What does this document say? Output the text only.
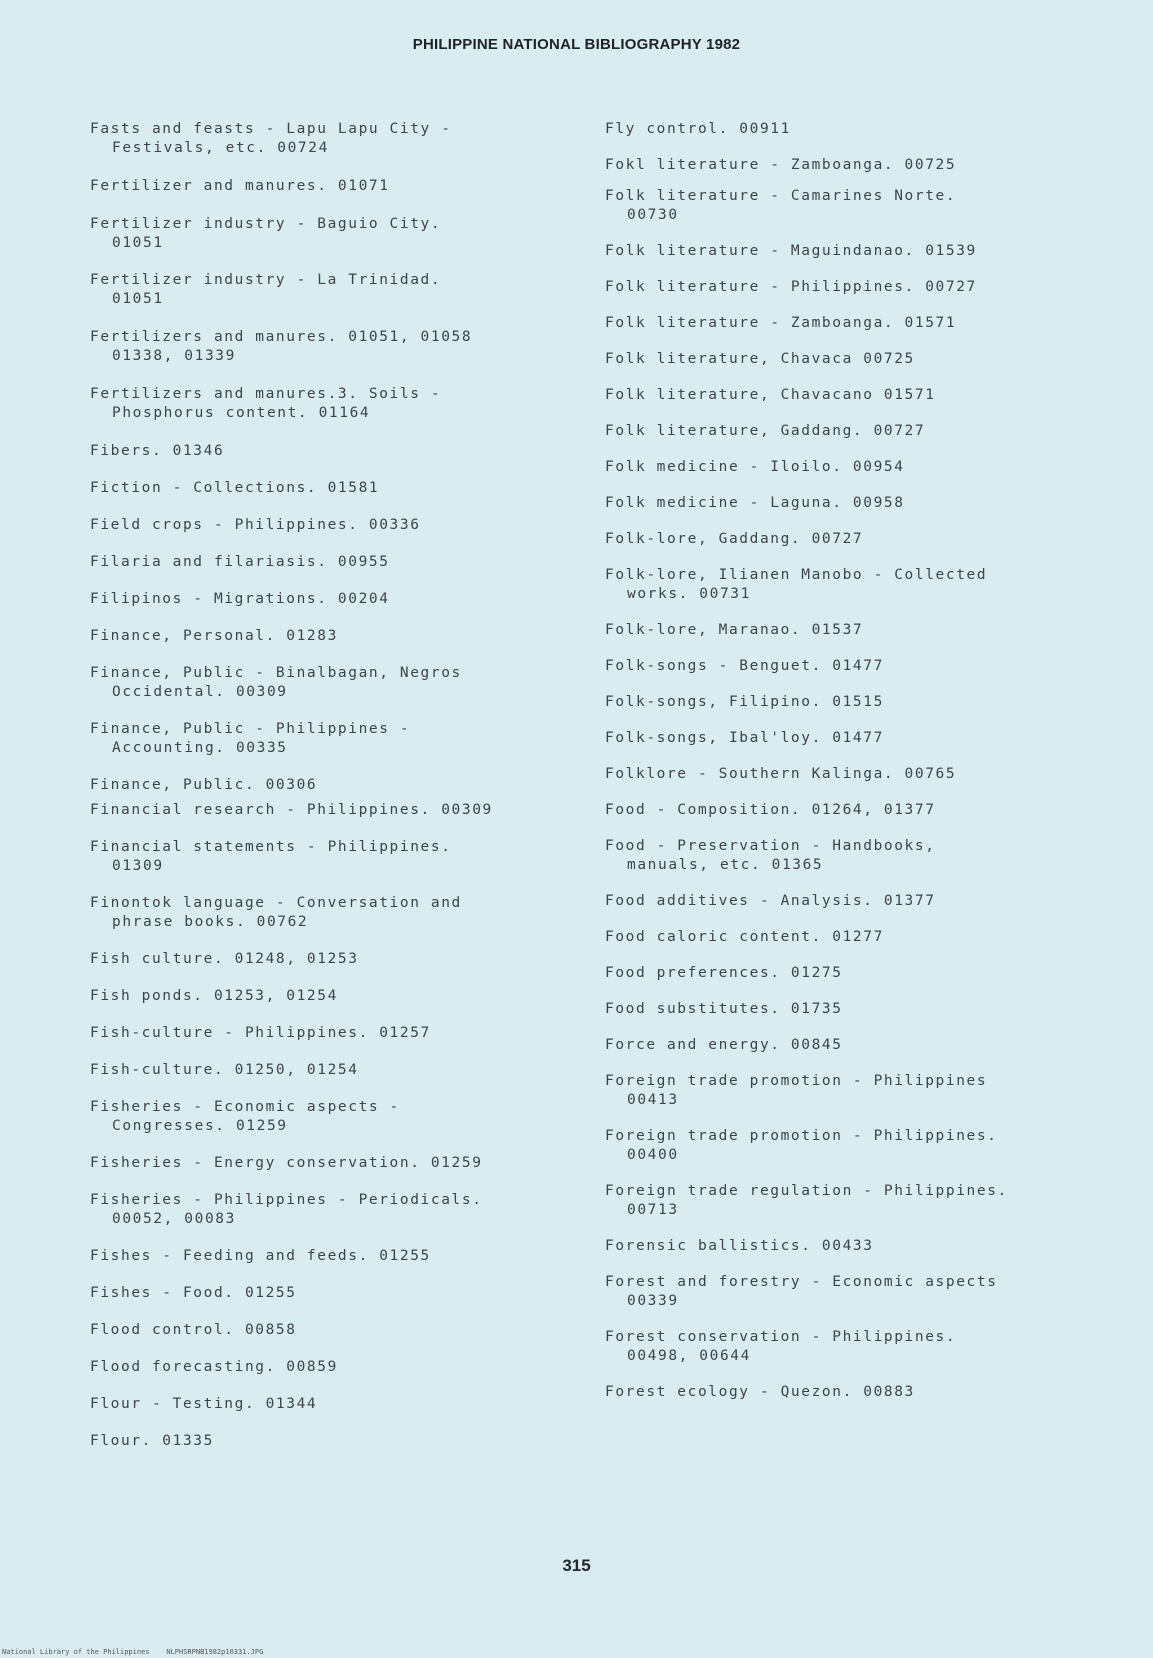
PHILIPPINE NATIONAL BIBLIOGRAPHY 1982
Fasts and feasts - Lapu Lapu City -
Festivals, etc. 00724
Fertilizer and manures. 01071
Fertilizer industry - Baguio City.
01051
Fertilizer industry - La Trinidad.
01051
Fertilizers and manures. 01051, 01058
01338, 01339
Fertilizers and manures.3. Soils -
Phosphorus content. 01164
Fibers. 01346
Fiction - Collections. 01581
Field crops - Philippines. 00336
Filaria and filariasis. 00955
Filipinos - Migrations. 00204
Finance, Personal. 01283
Finance, Public - Binalbagan, Negros
Occidental. 00309
Finance, Public - Philippines -
Accounting. 00335
Finance, Public. 00306
Financial research - Philippines. 00309
Financial statements - Philippines.
01309
Finontok language - Conversation and
phrase books. 00762
Fish culture. 01248, 01253
Fish ponds. 01253, 01254
Fish-culture - Philippines. 01257
Fish-culture. 01250, 01254
Fisheries - Economic aspects -
Congresses. 01259
Fisheries - Energy conservation. 01259
Fisheries - Philippines - Periodicals.
00052, 00083
Fishes - Feeding and feeds. 01255
Fishes - Food. 01255
Flood control. 00858
Flood forecasting. 00859
Flour - Testing. 01344
Flour. 01335
Fly control. 00911
Fokl literature - Zamboanga. 00725
Folk literature - Camarines Norte.
00730
Folk literature - Maguindanao. 01539
Folk literature - Philippines. 00727
Folk literature - Zamboanga. 01571
Folk literature, Chavaca 00725
Folk literature, Chavacano 01571
Folk literature, Gaddang. 00727
Folk medicine - Iloilo. 00954
Folk medicine - Laguna. 00958
Folk-lore, Gaddang. 00727
Folk-lore, Ilianen Manobo - Collected
works. 00731
Folk-lore, Maranao. 01537
Folk-songs - Benguet. 01477
Folk-songs, Filipino. 01515
Folk-songs, Ibal'loy. 01477
Folklore - Southern Kalinga. 00765
Food - Composition. 01264, 01377
Food - Preservation - Handbooks,
manuals, etc. 01365
Food additives - Analysis. 01377
Food caloric content. 01277
Food preferences. 01275
Food substitutes. 01735
Force and energy. 00845
Foreign trade promotion - Philippines
00413
Foreign trade promotion - Philippines.
00400
Foreign trade regulation - Philippines.
00713
Forensic ballistics. 00433
Forest and forestry - Economic aspects
00339
Forest conservation - Philippines.
00498, 00644
Forest ecology - Quezon. 00883
315
National Library of the Philippines    NLPHSRPNB1982p10331.JPG
